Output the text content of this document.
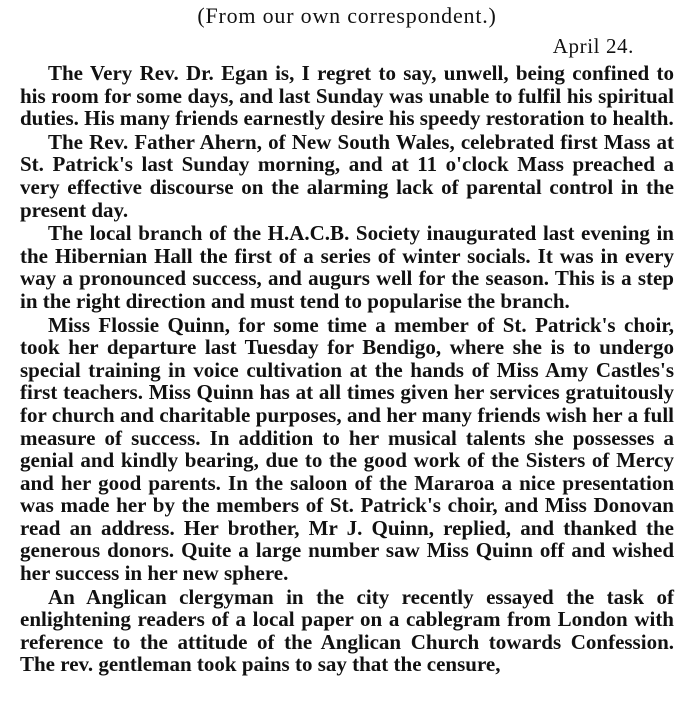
(From our own correspondent.)

April 24.

The Very Rev. Dr. Egan is, I regret to say, unwell, being confined to his room for some days, and last Sunday was unable to fulfil his spiritual duties. His many friends earnestly desire his speedy restoration to health.

The Rev. Father Ahern, of New South Wales, celebrated first Mass at St. Patrick's last Sunday morning, and at 11 o'clock Mass preached a very effective discourse on the alarming lack of parental control in the present day.

The local branch of the H.A.C.B. Society inaugurated last evening in the Hibernian Hall the first of a series of winter socials. It was in every way a pronounced success, and augurs well for the season. This is a step in the right direction and must tend to popularise the branch.

Miss Flossie Quinn, for some time a member of St. Patrick's choir, took her departure last Tuesday for Bendigo, where she is to undergo special training in voice cultivation at the hands of Miss Amy Castles's first teachers. Miss Quinn has at all times given her services gratuitously for church and charitable purposes, and her many friends wish her a full measure of success. In addition to her musical talents she possesses a genial and kindly bearing, due to the good work of the Sisters of Mercy and her good parents. In the saloon of the Mararoa a nice presentation was made her by the members of St. Patrick's choir, and Miss Donovan read an address. Her brother, Mr J. Quinn, replied, and thanked the generous donors. Quite a large number saw Miss Quinn off and wished her success in her new sphere.

An Anglican clergyman in the city recently essayed the task of enlightening readers of a local paper on a cablegram from London with reference to the attitude of the Anglican Church towards Confession. The rev. gentleman took pains to say that the censure,
